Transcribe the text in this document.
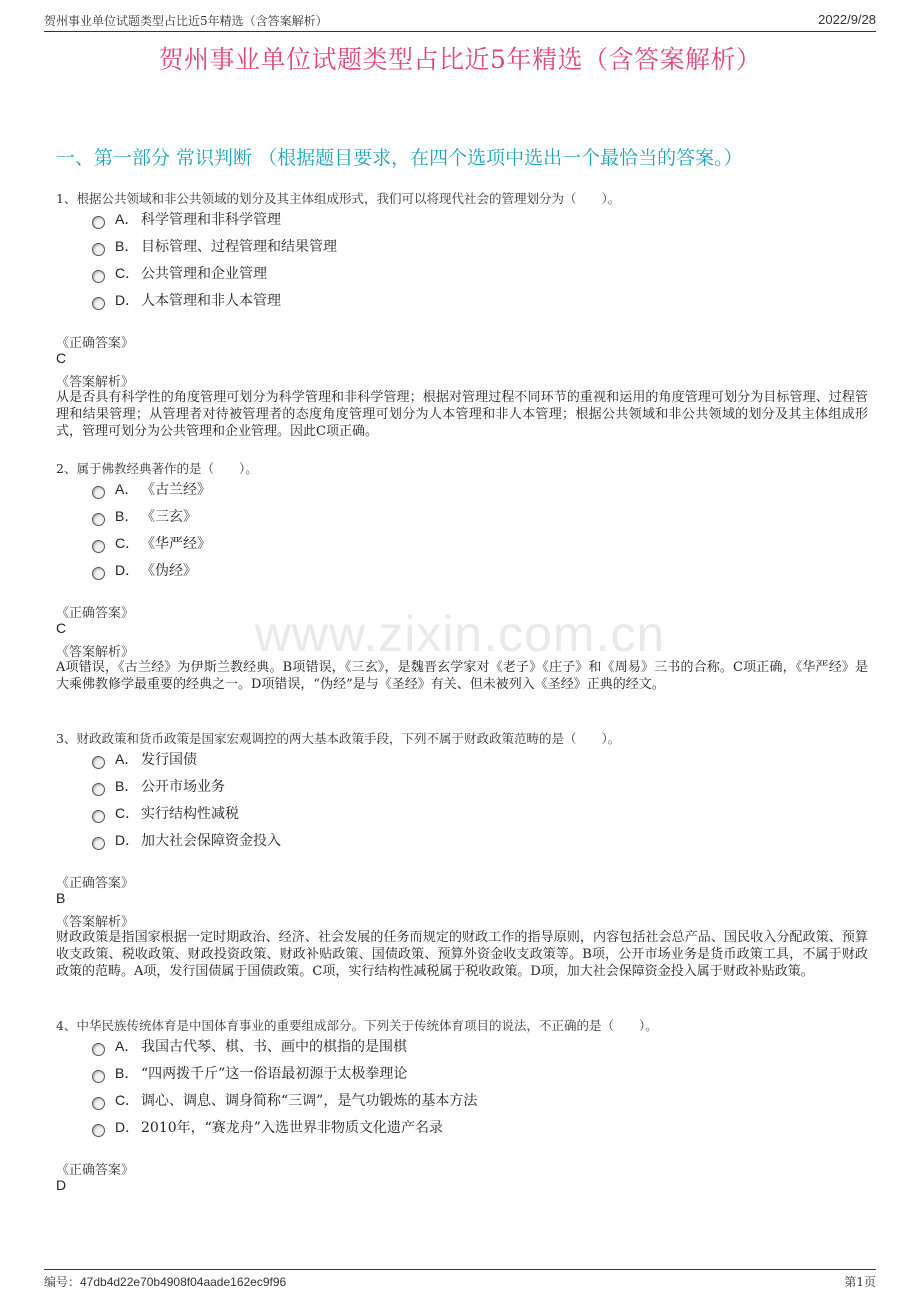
贺州事业单位试题类型占比近5年精选（含答案解析）	2022/9/28
贺州事业单位试题类型占比近5年精选（含答案解析）
一、第一部分 常识判断 （根据题目要求，在四个选项中选出一个最恰当的答案。）
www.zixin.com.cn
1、根据公共领域和非公共领域的划分及其主体组成形式，我们可以将现代社会的管理划分为（　　）。
A． 科学管理和非科学管理
B． 目标管理、过程管理和结果管理
C． 公共管理和企业管理
D． 人本管理和非人本管理
《正确答案》
C
《答案解析》
从是否具有科学性的角度管理可划分为科学管理和非科学管理；根据对管理过程不同环节的重视和运用的角度管理可划分为目标管理、过程管理和结果管理；从管理者对待被管理者的态度角度管理可划分为人本管理和非人本管理；根据公共领域和非公共领域的划分及其主体组成形式，管理可划分为公共管理和企业管理。因此C项正确。
2、属于佛教经典著作的是（　　）。
A． 《古兰经》
B． 《三玄》
C． 《华严经》
D． 《伪经》
《正确答案》
C
《答案解析》
A项错误，《古兰经》为伊斯兰教经典。B项错误，《三玄》，是魏晋玄学家对《老子》《庄子》和《周易》三书的合称。C项正确，《华严经》是大乘佛教修学最重要的经典之一。D项错误，“伪经”是与《圣经》有关、但未被列入《圣经》正典的经文。
3、财政政策和货币政策是国家宏观调控的两大基本政策手段，下列不属于财政政策范畴的是（　　）。
A． 发行国债
B． 公开市场业务
C． 实行结构性减税
D． 加大社会保障资金投入
《正确答案》
B
《答案解析》
财政政策是指国家根据一定时期政治、经济、社会发展的任务而规定的财政工作的指导原则，内容包括社会总产品、国民收入分配政策、预算收支政策、税收政策、财政投资政策、财政补贴政策、国债政策、预算外资金收支政策等。B项，公开市场业务是货币政策工具，不属于财政政策的范畴。A项，发行国债属于国债政策。C项，实行结构性减税属于税收政策。D项，加大社会保障资金投入属于财政补贴政策。
4、中华民族传统体育是中国体育事业的重要组成部分。下列关于传统体育项目的说法，不正确的是（　　）。
A． 我国古代琴、棋、书、画中的棋指的是围棋
B． “四两拨千斤”这一俗语最初源于太极拳理论
C． 调心、调息、调身简称“三调”，是气功锻炼的基本方法
D． 2010年，“赛龙舟”入选世界非物质文化遗产名录
《正确答案》
D
编号：47db4d22e70b4908f04aade162ec9f96	第1页
